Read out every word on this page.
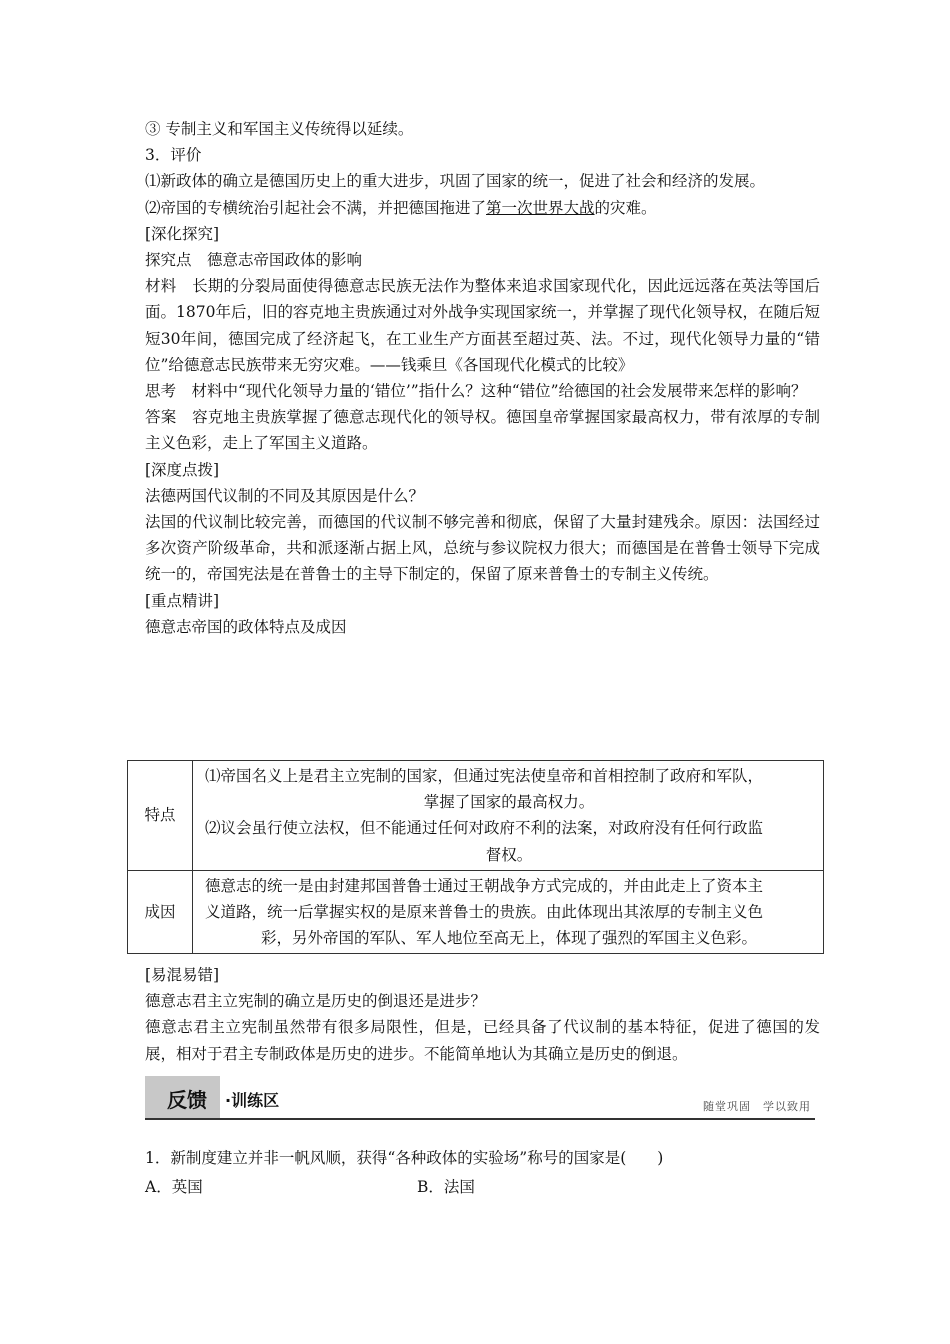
③ 专制主义和军国主义传统得以延续。
3．评价
⑴新政体的确立是德国历史上的重大进步，巩固了国家的统一，促进了社会和经济的发展。
⑵帝国的专横统治引起社会不满，并把德国拖进了第一次世界大战的灾难。
[深化探究]
探究点　德意志帝国政体的影响
材料　长期的分裂局面使得德意志民族无法作为整体来追求国家现代化，因此远远落在英法等国后面。1870年后，旧的容克地主贵族通过对外战争实现国家统一，并掌握了现代化领导权，在随后短短30年间，德国完成了经济起飞，在工业生产方面甚至超过英、法。不过，现代化领导力量的“错位”给德意志民族带来无穷灾难。——钱乘旦《各国现代化模式的比较》
思考　材料中“现代化领导力量的‘错位’”指什么？这种“错位”给德国的社会发展带来怎样的影响？
答案　容克地主贵族掌握了德意志现代化的领导权。德国皇帝掌握国家最高权力，带有浓厚的专制主义色彩，走上了军国主义道路。
[深度点拨]
法德两国代议制的不同及其原因是什么？
法国的代议制比较完善，而德国的代议制不够完善和彻底，保留了大量封建残余。原因：法国经过多次资产阶级革命，共和派逐渐占据上风，总统与参议院权力很大；而德国是在普鲁士领导下完成统一的，帝国宪法是在普鲁士的主导下制定的，保留了原来普鲁士的专制主义传统。
[重点精讲]
德意志帝国的政体特点及成因
特点	⑴帝国名义上是君主立宪制的国家，但通过宪法使皇帝和首相控制了政府和军队，
掌握了国家的最高权力。
⑵议会虽行使立法权，但不能通过任何对政府不利的法案，对政府没有任何行政监
督权。

成因	德意志的统一是由封建邦国普鲁士通过王朝战争方式完成的，并由此走上了资本主
义道路，统一后掌握实权的是原来普鲁士的贵族。由此体现出其浓厚的专制主义色
彩，另外帝国的军队、军人地位至高无上，体现了强烈的军国主义色彩。
[易混易错]
德意志君主立宪制的确立是历史的倒退还是进步？
德意志君主立宪制虽然带有很多局限性，但是，已经具备了代议制的基本特征，促进了德国的发展，相对于君主专制政体是历史的进步。不能简单地认为其确立是历史的倒退。
反馈 ·训练区	随堂巩固　学以致用
1．新制度建立并非一帆风顺，获得“各种政体的实验场”称号的国家是(　　)
A．英国	B．法国
